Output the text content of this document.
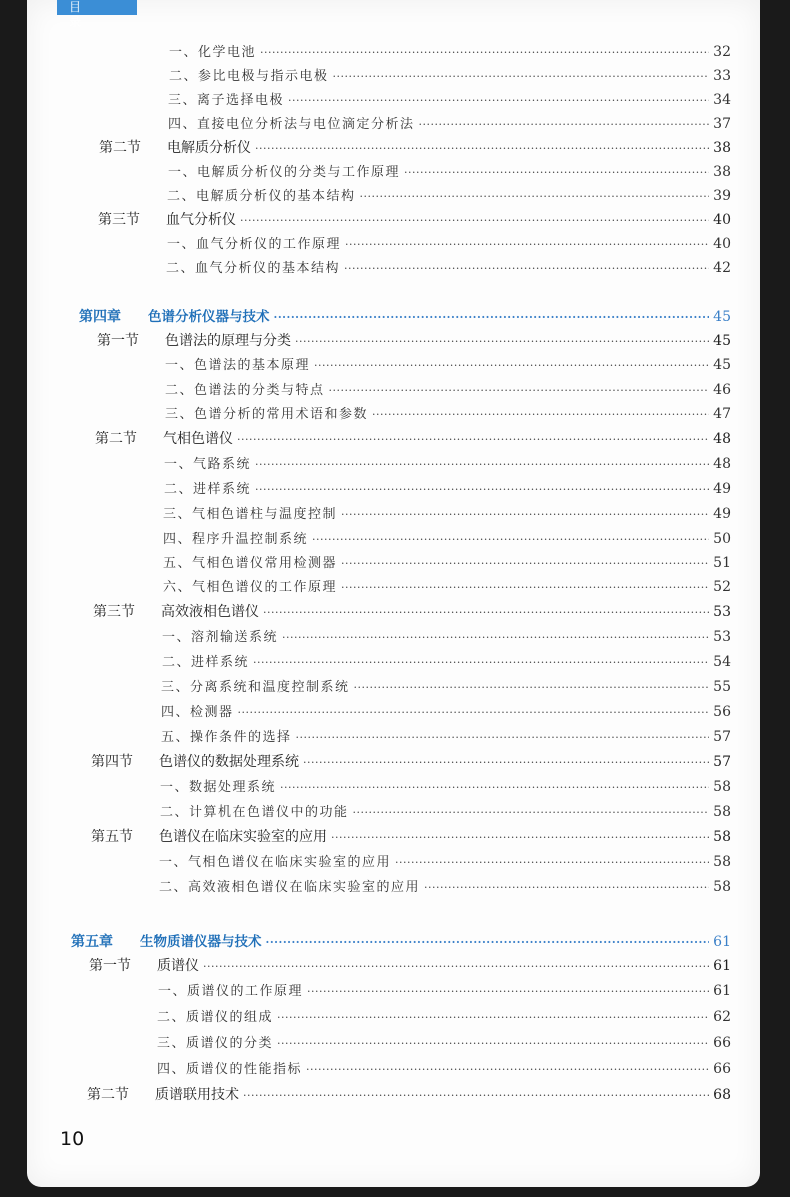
目 录
一、化学电池 ·····	32
二、参比电极与指示电极 ·····	33
三、离子选择电极 ·····	34
四、直接电位分析法与电位滴定分析法 ·····	37
第二节	电解质分析仪 ·····	38
一、电解质分析仪的分类与工作原理 ·····	38
二、电解质分析仪的基本结构 ·····	39
第三节	血气分析仪 ·····	40
一、血气分析仪的工作原理 ·····	40
二、血气分析仪的基本结构 ·····	42
第四章	色谱分析仪器与技术 ·····	45
第一节	色谱法的原理与分类 ·····	45
一、色谱法的基本原理 ·····	45
二、色谱法的分类与特点 ·····	46
三、色谱分析的常用术语和参数 ·····	47
第二节	气相色谱仪 ·····	48
一、气路系统 ·····	48
二、进样系统 ·····	49
三、气相色谱柱与温度控制 ·····	49
四、程序升温控制系统 ·····	50
五、气相色谱仪常用检测器 ·····	51
六、气相色谱仪的工作原理 ·····	52
第三节	高效液相色谱仪 ·····	53
一、溶剂输送系统 ·····	53
二、进样系统 ·····	54
三、分离系统和温度控制系统 ·····	55
四、检测器 ·····	56
五、操作条件的选择 ·····	57
第四节	色谱仪的数据处理系统 ·····	57
一、数据处理系统 ·····	58
二、计算机在色谱仪中的功能 ·····	58
第五节	色谱仪在临床实验室的应用 ·····	58
一、气相色谱仪在临床实验室的应用 ·····	58
二、高效液相色谱仪在临床实验室的应用 ·····	58
第五章	生物质谱仪器与技术 ·····	61
第一节	质谱仪 ·····	61
一、质谱仪的工作原理 ·····	61
二、质谱仪的组成 ·····	62
三、质谱仪的分类 ·····	66
四、质谱仪的性能指标 ·····	66
第二节	质谱联用技术 ·····	68
10
